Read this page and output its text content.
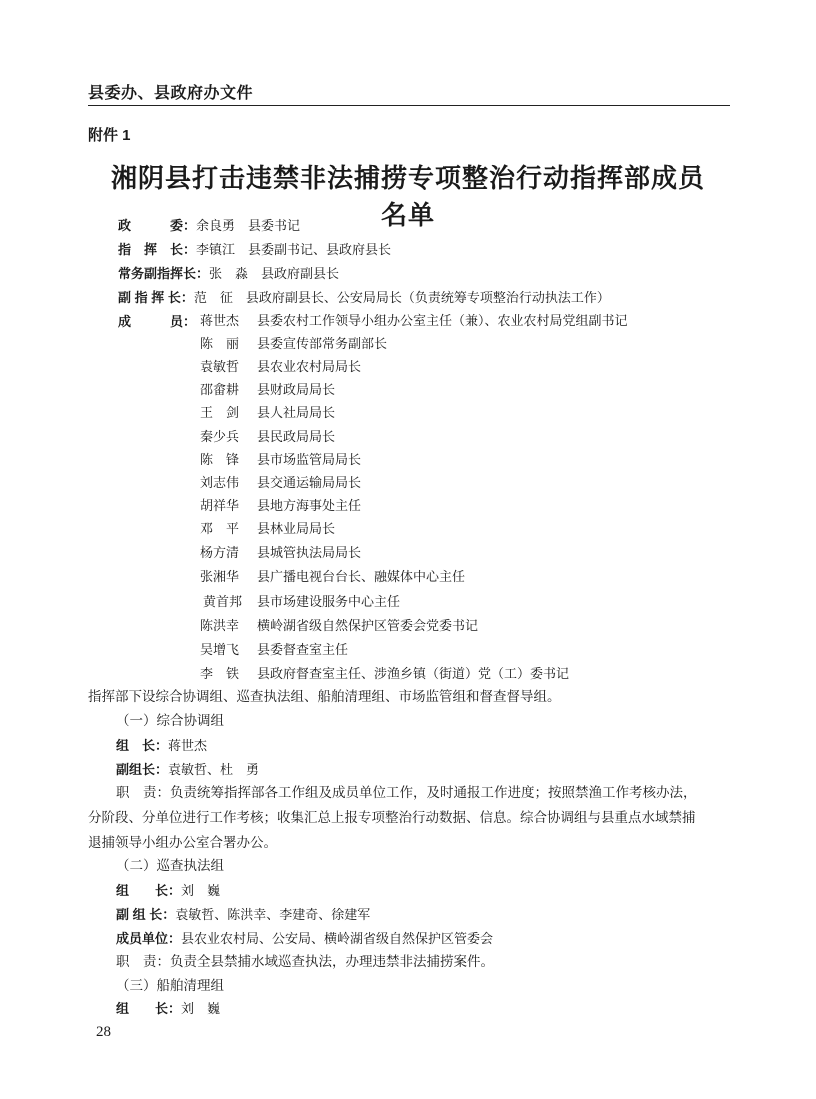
县委办、县政府办文件
附件 1
湘阴县打击违禁非法捕捞专项整治行动指挥部成员名单
政　　　委：余良勇　县委书记
指　挥　长：李镇江　县委副书记、县政府县长
常务副指挥长：张　淼　县政府副县长
副 指 挥 长：范　征　县政府副县长、公安局局长（负责统筹专项整治行动执法工作）
成　　　员： 蒋世杰 县委农村工作领导小组办公室主任（兼）、农业农村局党组副书记
陈　丽 县委宣传部常务副部长
袁敏哲 县农业农村局局长
邵畲耕 县财政局局长
王　剑 县人社局局长
秦少兵 县民政局局长
陈　锋 县市场监管局局长
刘志伟 县交通运输局局长
胡祥华 县地方海事处主任
邓　平 县林业局局长
杨方清 县城管执法局局长
张湘华 县广播电视台台长、融媒体中心主任
黄首邦 县市场建设服务中心主任
陈洪幸 横岭湖省级自然保护区管委会党委书记
吴增飞 县委督查室主任
李　铁 县政府督查室主任、涉渔乡镇（街道）党（工）委书记
指挥部下设综合协调组、巡查执法组、船舶清理组、市场监管组和督查督导组。
（一）综合协调组
组　长：蒋世杰
副组长：袁敏哲、杜　勇
职　责：负责统筹指挥部各工作组及成员单位工作，及时通报工作进度；按照禁渔工作考核办法，
分阶段、分单位进行工作考核；收集汇总上报专项整治行动数据、信息。综合协调组与县重点水域禁捕
退捕领导小组办公室合署办公。
（二）巡查执法组
组　　长：刘　巍
副 组 长：袁敏哲、陈洪幸、李建奇、徐建军
成员单位：县农业农村局、公安局、横岭湖省级自然保护区管委会
职　责：负责全县禁捕水域巡查执法，办理违禁非法捕捞案件。
（三）船舶清理组
组　　长：刘　巍
28
